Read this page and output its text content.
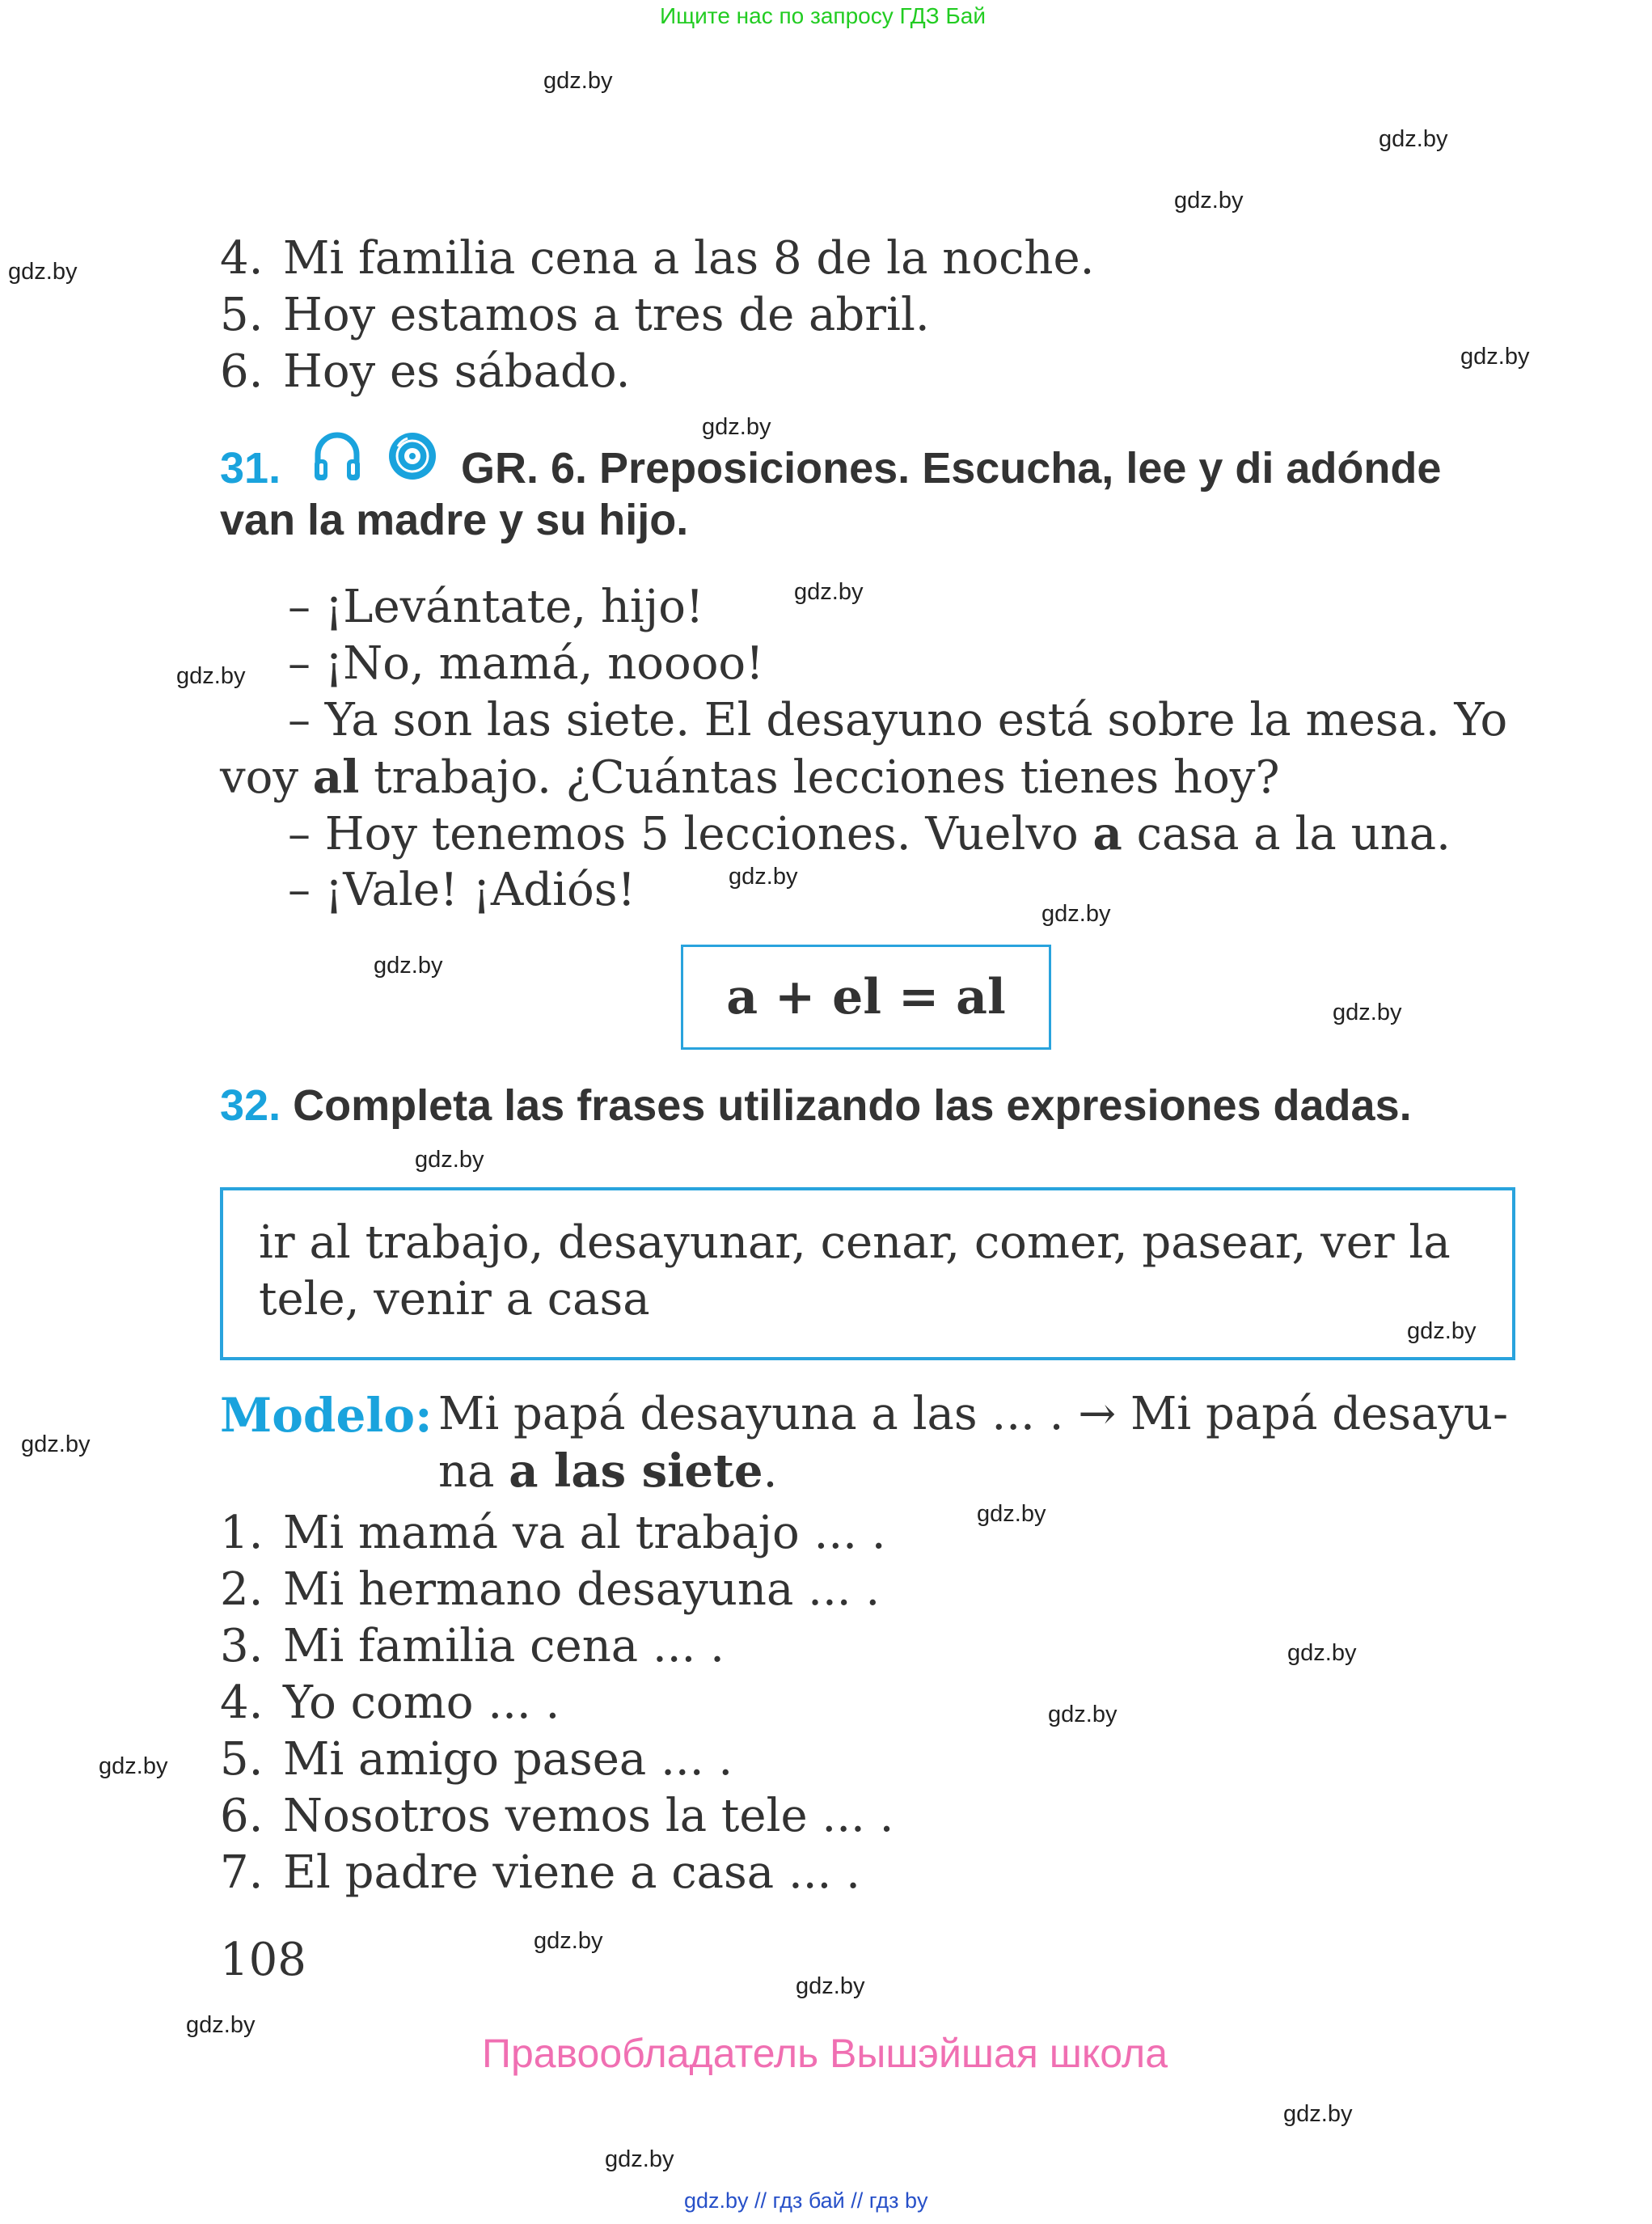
Ищите нас по запросу ГДЗ Бай
gdz.by
gdz.by
gdz.by
gdz.by
gdz.by
gdz.by
gdz.by
gdz.by
gdz.by
gdz.by
gdz.by
gdz.by
gdz.by
gdz.by
gdz.by
gdz.by
gdz.by
gdz.by
gdz.by
gdz.by
gdz.by
gdz.by
gdz.by
gdz.by
4. Mi familia cena a las 8 de la noche.
5. Hoy estamos a tres de abril.
6. Hoy es sábado.
31.	GR. 6. Preposiciones. Escucha, lee y di adónde
van la madre y su hijo.
– ¡Levántate, hijo!
– ¡No, mamá, noooo!
– Ya son las siete. El desayuno está sobre la mesa. Yo
voy al trabajo. ¿Cuántas lecciones tienes hoy?
– Hoy tenemos 5 lecciones. Vuelvo a casa a la una.
– ¡Vale! ¡Adiós!
a + el = al
32. Completa las frases utilizando las expresiones dadas.
ir al trabajo, desayunar, cenar, comer, pasear, ver la
tele, venir a casa
Modelo: Mi papá desayuna a las ... . → Mi papá desayu-
na a las siete.
1. Mi mamá va al trabajo ... .
2. Mi hermano desayuna ... .
3. Mi familia cena ... .
4. Yo como ... .
5. Mi amigo pasea ... .
6. Nosotros vemos la tele ... .
7. El padre viene a casa ... .
108
Правообладатель Вышэйшая школа
gdz.by // гдз бай // гдз by
